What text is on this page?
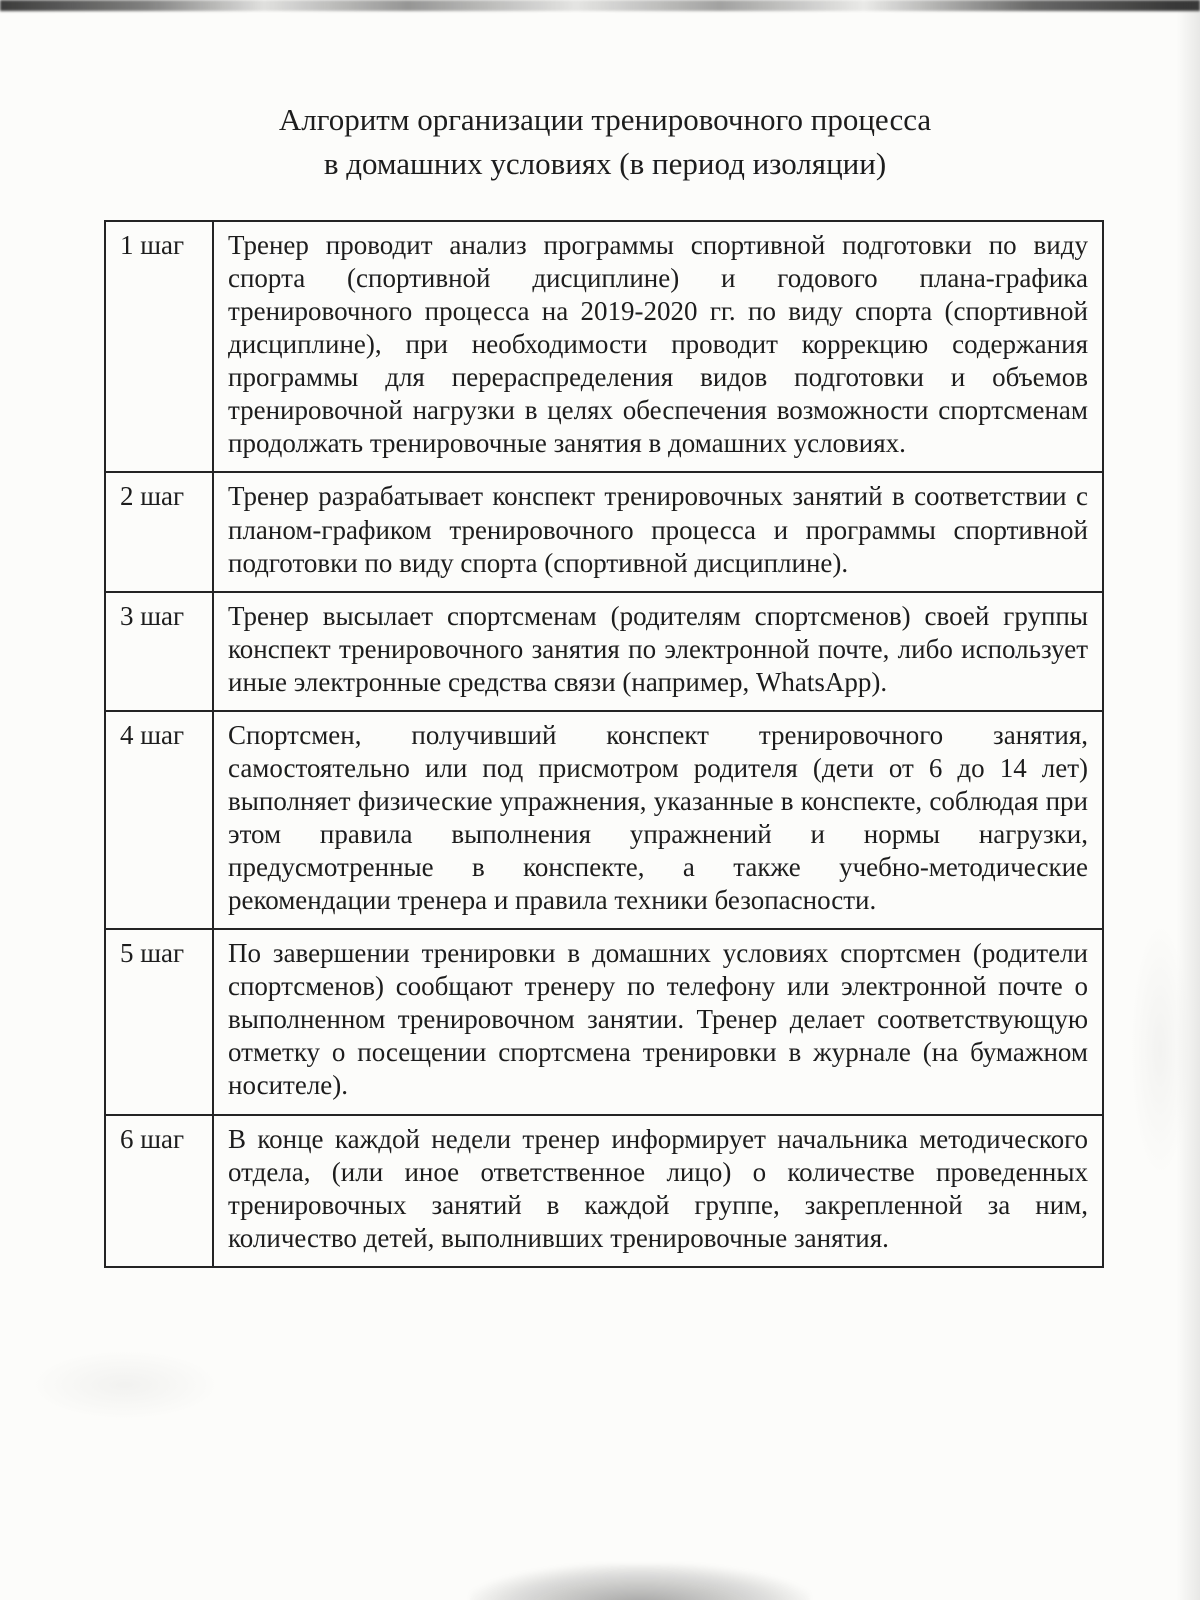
Алгоритм организации тренировочного процесса
в домашних условиях (в период изоляции)
1 шаг	Тренер проводит анализ программы спортивной подготовки по виду спорта (спортивной дисциплине) и годового плана-графика тренировочного процесса на 2019-2020 гг. по виду спорта (спортивной дисциплине), при необходимости проводит коррекцию содержания программы для перераспределения видов подготовки и объемов тренировочной нагрузки в целях обеспечения возможности спортсменам продолжать тренировочные занятия в домашних условиях.
2 шаг	Тренер разрабатывает конспект тренировочных занятий в соответствии с планом-графиком тренировочного процесса и программы спортивной подготовки по виду спорта (спортивной дисциплине).
3 шаг	Тренер высылает спортсменам (родителям спортсменов) своей группы конспект тренировочного занятия по электронной почте, либо использует иные электронные средства связи (например, WhatsApp).
4 шаг	Спортсмен, получивший конспект тренировочного занятия, самостоятельно или под присмотром родителя (дети от 6 до 14 лет) выполняет физические упражнения, указанные в конспекте, соблюдая при этом правила выполнения упражнений и нормы нагрузки, предусмотренные в конспекте, а также учебно-методические рекомендации тренера и правила техники безопасности.
5 шаг	По завершении тренировки в домашних условиях спортсмен (родители спортсменов) сообщают тренеру по телефону или электронной почте о выполненном тренировочном занятии. Тренер делает соответствующую отметку о посещении спортсмена тренировки в журнале (на бумажном носителе).
6 шаг	В конце каждой недели тренер информирует начальника методического отдела, (или иное ответственное лицо) о количестве проведенных тренировочных занятий в каждой группе, закрепленной за ним, количество детей, выполнивших тренировочные занятия.
